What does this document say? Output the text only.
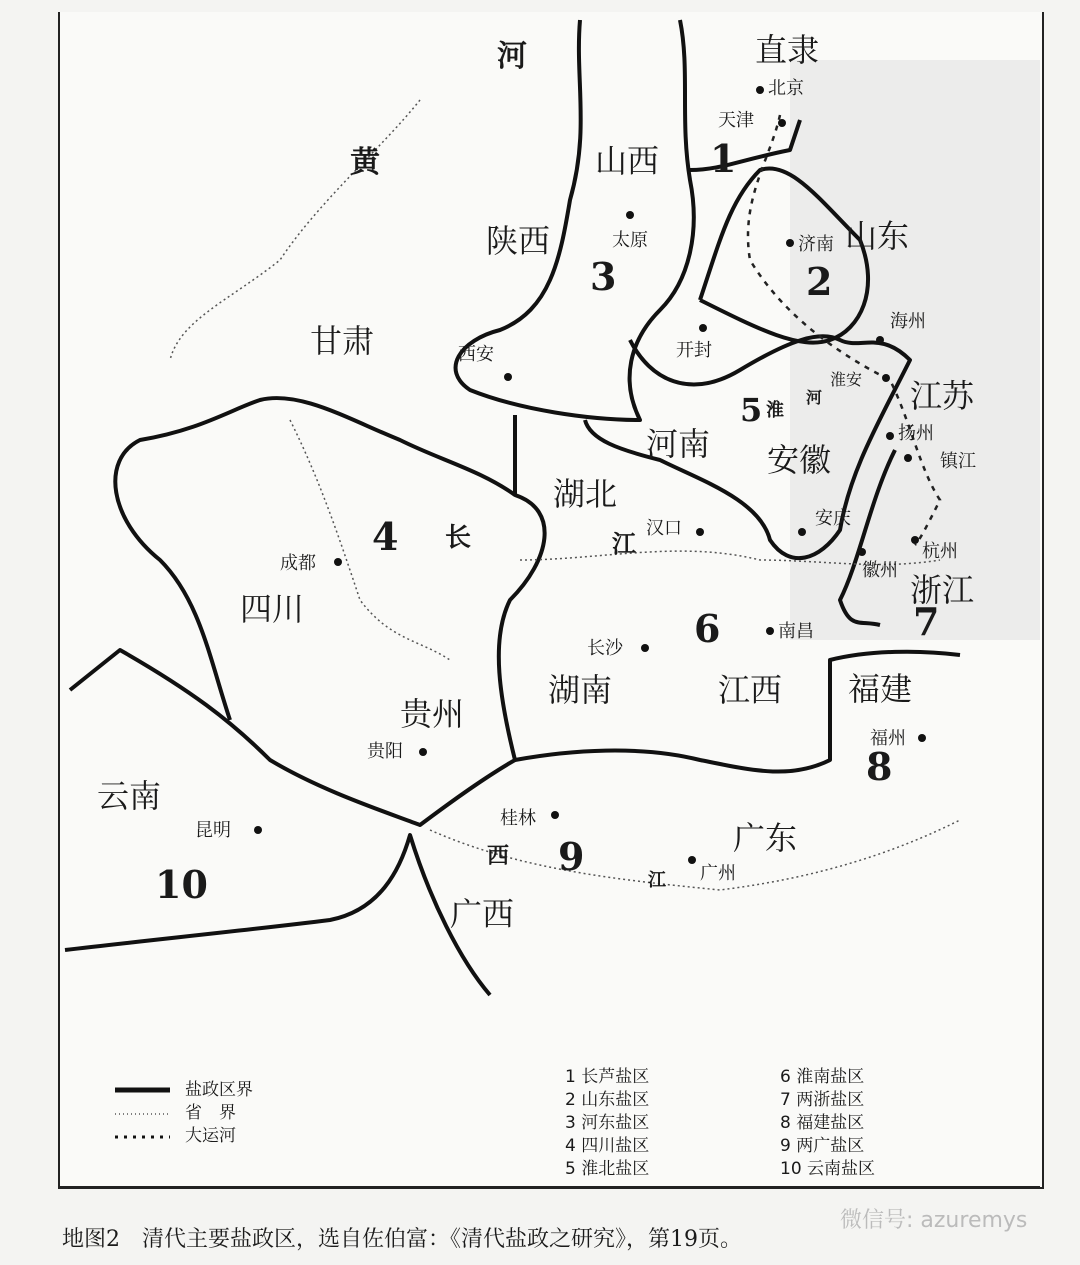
河
黄
长	江
淮
河
西
江
直隶
山西
陕西	山东
甘肃
江苏
河南 安徽
湖北
四川	浙江
湖南	江西 福建
贵州
云南
广东
广西
北京
天津
太原	济南
西安	开封
海州
淮安
扬州
镇江
汉口	安庆
成都	徽州
杭州
南昌
长沙
贵阳
福州
昆明
桂林
广州
1
2
3
4
5
6	7
8
9
10
盐政区界
省　界
大运河
1 长芦盐区
2 山东盐区
3 河东盐区
4 四川盐区
5 淮北盐区
6 淮南盐区
7 两浙盐区
8 福建盐区
9 两广盐区
10 云南盐区
微信号: azuremys
地图2　清代主要盐政区，选自佐伯富：《清代盐政之研究》，第19页。
